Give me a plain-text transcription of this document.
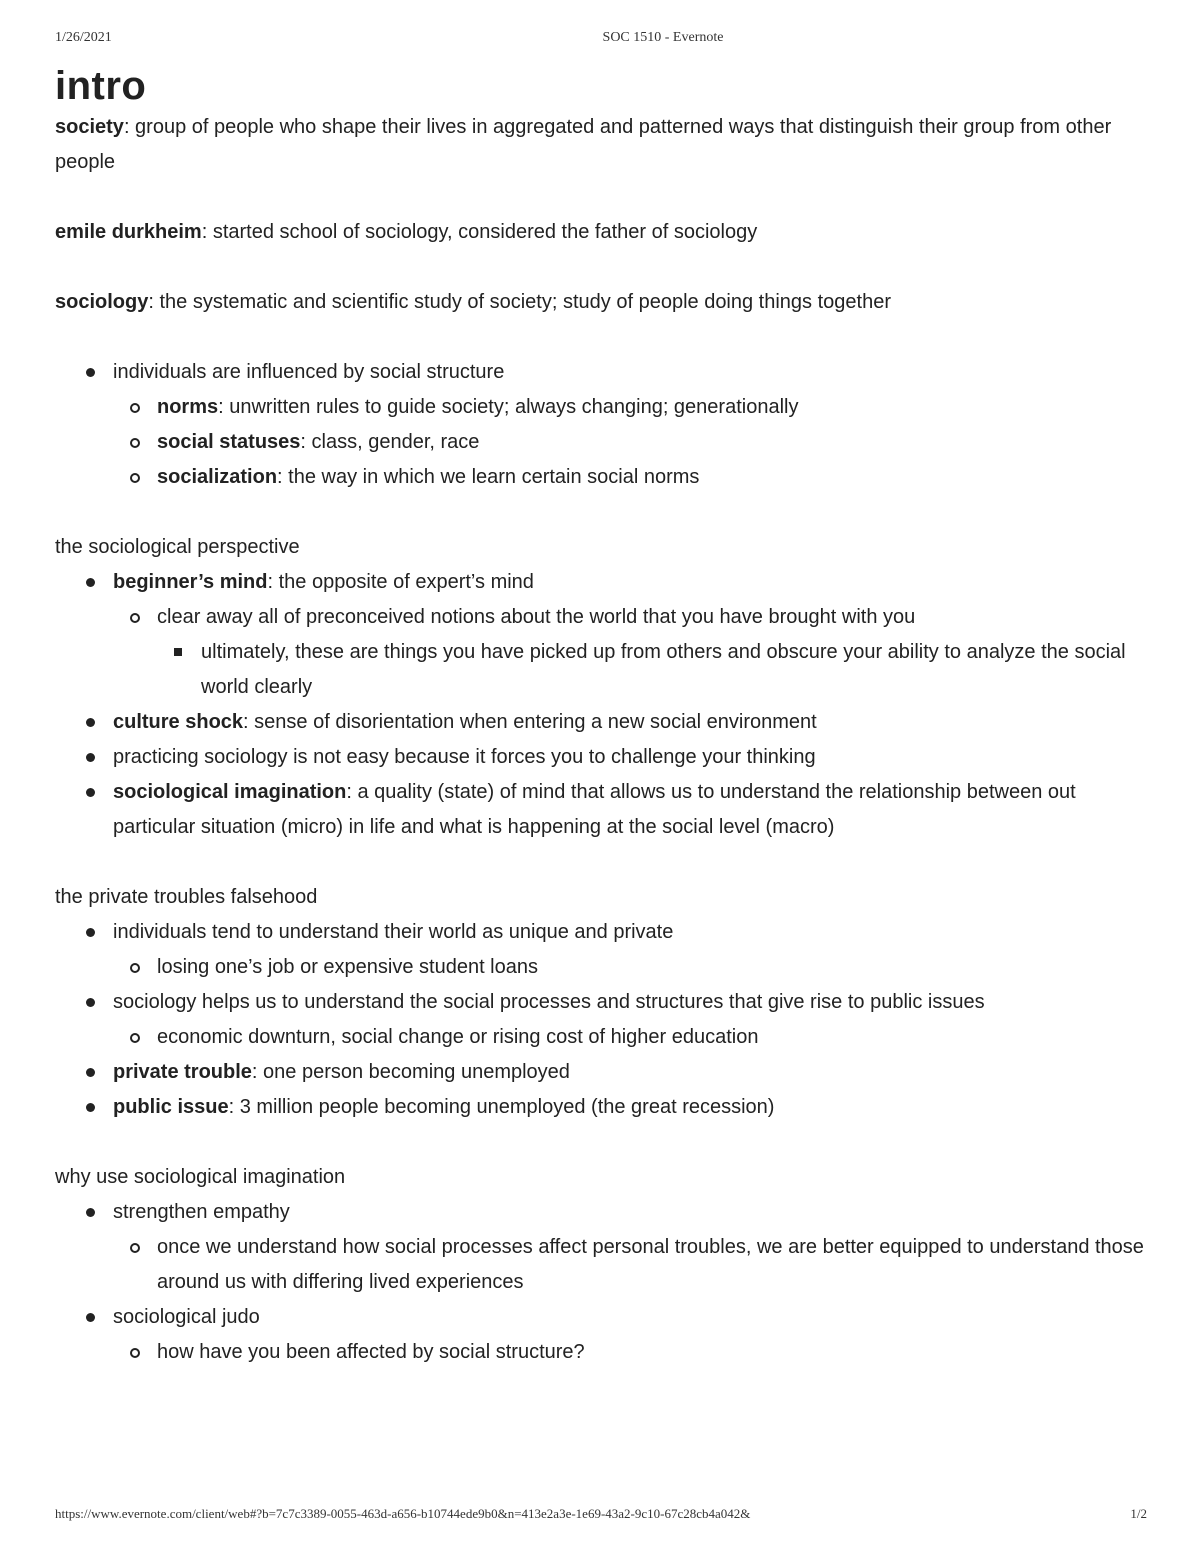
1/26/2021	SOC 1510 - Evernote
intro

society: group of people who shape their lives in aggregated and patterned ways that distinguish their group from other people

emile durkheim: started school of sociology, considered the father of sociology

sociology: the systematic and scientific study of society; study of people doing things together

individuals are influenced by social structure
norms: unwritten rules to guide society; always changing; generationally
social statuses: class, gender, race
socialization: the way in which we learn certain social norms

the sociological perspective

beginner’s mind: the opposite of expert’s mind
clear away all of preconceived notions about the world that you have brought with you
ultimately, these are things you have picked up from others and obscure your ability to analyze the social world clearly
culture shock: sense of disorientation when entering a new social environment
practicing sociology is not easy because it forces you to challenge your thinking
sociological imagination: a quality (state) of mind that allows us to understand the relationship between out particular situation (micro) in life and what is happening at the social level (macro)

the private troubles falsehood

individuals tend to understand their world as unique and private
losing one’s job or expensive student loans
sociology helps us to understand the social processes and structures that give rise to public issues
economic downturn, social change or rising cost of higher education
private trouble: one person becoming unemployed
public issue: 3 million people becoming unemployed (the great recession)

why use sociological imagination

strengthen empathy
once we understand how social processes affect personal troubles, we are better equipped to understand those around us with differing lived experiences
sociological judo
how have you been affected by social structure?
https://www.evernote.com/client/web#?b=7c7c3389-0055-463d-a656-b10744ede9b0&n=413e2a3e-1e69-43a2-9c10-67c28cb4a042&	1/2
